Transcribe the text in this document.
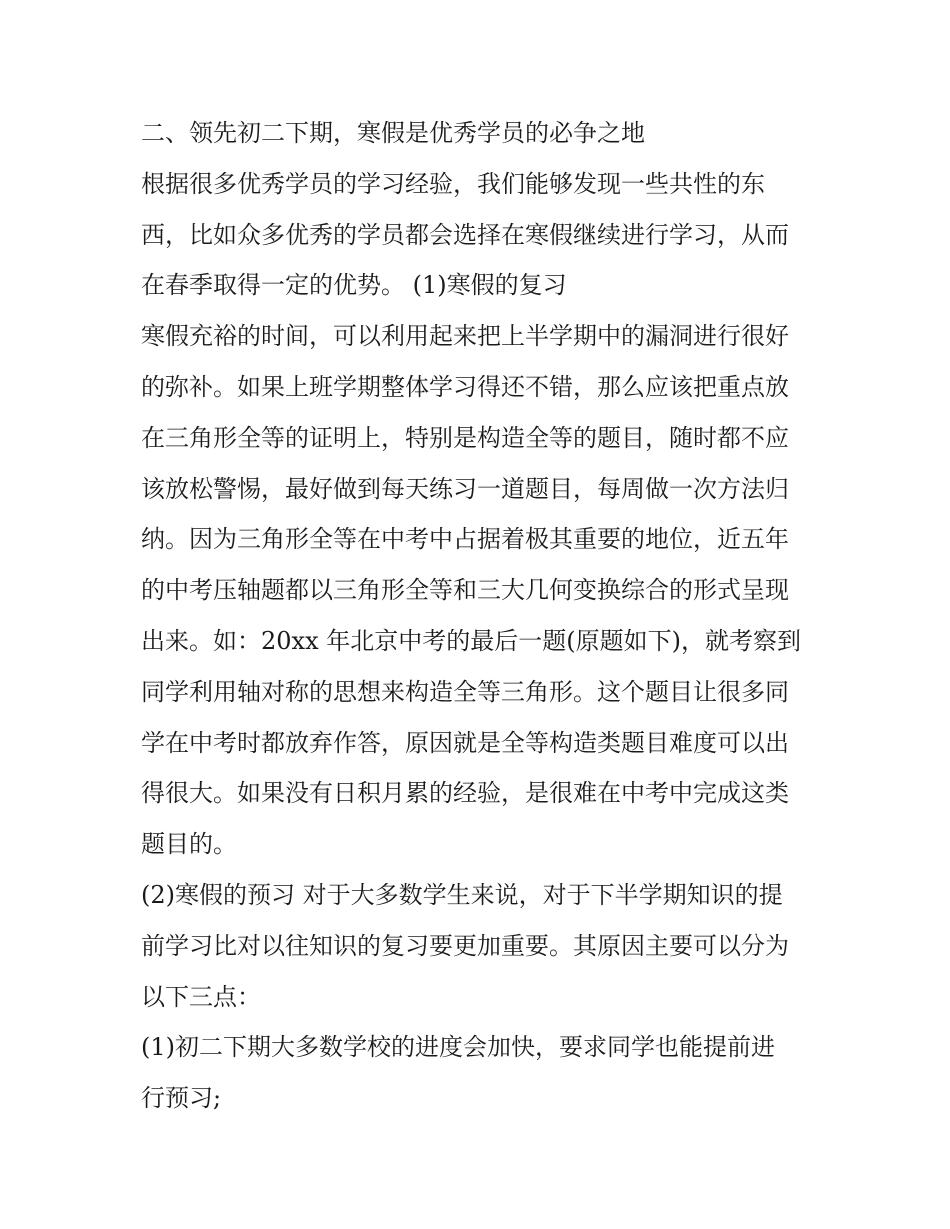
二、领先初二下期，寒假是优秀学员的必争之地
根据很多优秀学员的学习经验，我们能够发现一些共性的东
西，比如众多优秀的学员都会选择在寒假继续进行学习，从而
在春季取得一定的优势。 (1)寒假的复习
寒假充裕的时间，可以利用起来把上半学期中的漏洞进行很好
的弥补。如果上班学期整体学习得还不错，那么应该把重点放
在三角形全等的证明上，特别是构造全等的题目，随时都不应
该放松警惕，最好做到每天练习一道题目，每周做一次方法归
纳。因为三角形全等在中考中占据着极其重要的地位，近五年
的中考压轴题都以三角形全等和三大几何变换综合的形式呈现
出来。如：20xx 年北京中考的最后一题(原题如下)，就考察到
同学利用轴对称的思想来构造全等三角形。这个题目让很多同
学在中考时都放弃作答，原因就是全等构造类题目难度可以出
得很大。如果没有日积月累的经验，是很难在中考中完成这类
题目的。
(2)寒假的预习 对于大多数学生来说，对于下半学期知识的提
前学习比对以往知识的复习要更加重要。其原因主要可以分为
以下三点：
(1)初二下期大多数学校的进度会加快，要求同学也能提前进
行预习;
